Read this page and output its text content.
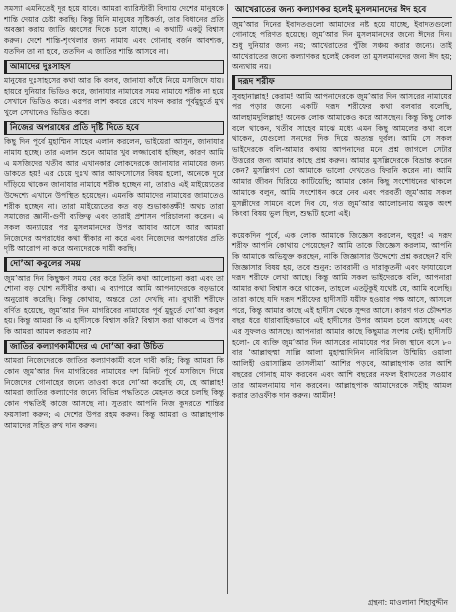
সমস্যা এমনিতেই দূর হয়ে যাবে। আমরা ব্যারিস্টারী বিদ্যায় দেশের মানুষকে শান্তি দেয়ার চেষ্টা করছি। কিন্তু যিনি মানুষের সৃষ্টিকর্তা, তার বিধানের প্রতি অবজ্ঞা করায় জাতি ধ্বংসের দিকে চলে যাচ্ছে। এ কথাটি একটু বিশ্বাস করুন। দেশে শান্তি-শৃংখলার জন্য নামায এবং গোনাহ বর্জন আবশ্যক, যতদিন তা না হবে, ততদিন এ জাতির শান্তি আসবে না।

আমাদের দুঃসাহস

মানুষের দুঃসাহসের কথা আর কি বলব, জানাযা কাঁধে নিয়ে মসজিদে যায়। হায়রে দুনিয়ার ভিডিও করে, জানাযার নামাযের সময় নামাযে শরীক না হয়ে সেখানে ভিডিও করে। এরপর লাশ কবরে রেখে দাফন করার পূর্বমুহূর্তে মুখ খুলে সেখানেও ভিডিও করে।

নিজের অপরাধের প্রতি দৃষ্টি দিতে হবে

কিছু দিন পূর্বে মুহাম্মিন সাহেব এলান করলেন, ভাইয়েরা আসুন, জানাযার নামায হচ্ছে। তার এলান শুনে আমার খুব লজ্জাবোধ হচ্ছিল, কারণ আমি এ মসজিদের খতীব আর এখানকার লোকদেরকে জানাযার নামাযের জন্য ডাকতে হয়! এর চেয়ে দুঃখ আর আফসোসের বিষয় হলো, অনেকে দূরে দাঁড়িয়ে থাকেন জানাযার নামাযে শরীক হচ্ছেন না, তারাও এই মাইয়্যেতের উদ্দেশ্যে এখানে উপস্থিত হয়েছেন। এমনকি আমাদের নামাযের জামাতেও শরীক হচ্ছেন না। তারা মাইয়্যেতের কত বড় শুভাকাঙ্ক্ষী! অথচ তারা সমাজের জ্ঞানী-গুণী ব্যক্তিত্ব এবং তারাই প্রশাসন পরিচালনা করেন। এ সকল অন্যায়ের পর মুসলমানদের উপর আযাব আসে আর আমরা নিজেদের অপরাধের কথা স্বীকার না করে এবং নিজেদের অপরাধের প্রতি দৃষ্টি আরোপ না করে অন্যদেরকে দায়ী করছি।

দো’আ কবুলের সময়

জুম’আর দিন কিছুক্ষণ সময় বের করে তিনি কথা আলোচনা করা এবং তা শোনা বড় খোশ নসীবীর কথা। এ ব্যাপারে আমি আপনাদেরকে বড়ভাবে অনুরোধ করেছি। কিন্তু কোথায়, অন্তরে তো দেখছি না। বুখারী শরীফে বর্ণিত হয়েছে, জুম’আর দিন মাগরিবের নামাযের পূর্ব মুহূর্তে দো’আ কবুল হয়। কিন্তু আমরা কি এ হাদীসকে বিশ্বাস করি? বিশ্বাস করা থাকলে এ উপর কি আমরা আমল করতাম না?

জাতির কল্যাণকামীদের এ দো’আ করা উচিত

আমরা নিজেদেরকে জাতির কল্যাণকামী বলে দাবী করি; কিন্তু আমরা কি কোন জুম’আর দিন মাগরিবের নামাযের দশ মিনিট পূর্বে মসজিদে গিয়ে নিজেদের গোনাহের জন্যে তাওবা করে দো’আ করেছি যে, হে আল্লাহ! আমরা জাতির কল্যাণের জন্যে বিভিন্ন পদ্ধতিতে মেহনত করে চলছি কিন্তু কোন পদ্ধতিই কাজে আসছে না। সুতরাং আপনি নিজ কুদরতে শান্তির ফয়সালা করুন; এ দেশের উপর রহম করুন। কিন্তু আমরা ও আল্লাহপাক আমাদের সহিত রুখ দান করুন।

আখেরাতের জন্য কল্যাণকর হলেই মুসলমানদের ঈদ হবে

জুম’আর দিনের ইবাদতগুলো আমাদের নষ্ট হয়ে যাচ্ছে, ইবাদতগুলো গোনাহে পরিণত হয়েছে। জুম’আর দিন মুসলমানদের জন্যে ঈদের দিন। শুধু দুনিয়ার জন্য নয়; আখেরাতের পুঁজি সঞ্চয় করার জন্যে। তাই আখেরাতের জন্যে কল্যাণকর হলেই কেবল তা মুসলমানদের জন্য ঈদ হয়; অন্যথায় নয়।

দরূদ শরীফ

সুবহানাল্লাহ! কেরাম! আমি আপনাদেরকে জুম’আর দিন আসরের নামাযের পর পড়ার জন্যে একটি দরূদ শরীফের কথা বলবার বলেছি, আলহামদুলিল্লাহ! অনেক লোক আমাকেও করে আসছেন। কিন্তু কিছু লোক বলে থাকেন, খতীব সাহেব মাঝে মধ্যে এমন কিছু আমলের কথা বলে থাকেন, যেগুলো সনদের দিক দিয়ে অত্যন্ত দুর্বল। আমি সে সকল ভাইদেরকে বলি-আমার কথায় আপনাদের মনে প্রশ্ন জাগলে সেটার উত্তরের জন্য আমার কাছে প্রশ্ন করুন। আমার মুসল্লিদেরকে বিভ্রান্ত করেন কেন? মুসল্লিগণ তো আমাকে ভালো দেখতেও ফিরনি করেন না। আমি আমার জীবন ঘিরিয়ে কাটিয়েছি; আমার কোন কিছু সংশোধনের থাকলে আমাকে বলুন, আমি সংশোধন করে নেব এবং পরবর্তী জুম’আয় সকল মুসল্লীদের সামনে বলে দিব যে, গত জুম’আর আলোচনায় অমুক অংশ কিংবা বিষয় ভুল ছিল, শুদ্ধটি হলো এই।

কয়েকদিন পূর্বে, এক লোক আমাকে জিজ্ঞেস করলেন, হুযুর! এ দরূদ শরীফ আপনি কোথায় পেয়েছেন? আমি তাকে জিজ্ঞেস করলাম, আপনি কি আমাকে অভিযুক্ত করছেন, নাকি জিজ্ঞাসার উদ্দেশ্যে প্রশ্ন করছেন? যদি জিজ্ঞাসার বিষয় হয়, তবে শুনুন: তাবরানী ও দারাকুতনী এবং ফাযায়েলে দরূদ শরীফে লেখা আছে। কিন্তু আমি সকল ভাইদেরকে বলি, আপনারা আমার কথা বিশ্বাস করে থাকেন, তাহলে এতটুকুই যথেষ্ট যে, আমি বলেছি। তারা কাছে যদি দরূদ শরীফের হাদীসটি যয়ীফ হওয়ার পক্ষ আসে, আসলে পরে, কিন্তু আমার কাছে এই হাদীস থেকে সুন্দর আসে। কারণ গত চৌদ্দশত বছর ধরে ধারাবাহিকভাবে এই হাদীসের উপর আমল চলে আসছে এবং এর সুফলও আসছে। আপনারা আমার কাছে কিছুমাত্র সংশয় নেই। হাদীসটি হলো- যে ব্যক্তি জুম’আর দিন আসরের নামাযের পর নিজ স্থানে বসে ৮০ বার ‘আল্লাহুম্মা সাল্লি আলা মুহাম্মাদিনিন নাবিয়্যিল উম্মিয়্যি ওয়ালা আলিহী ওয়াসাল্লিম তাসলীমা’ আশির পড়বে, আল্লাহপাক তার আশি বছরের গোনাহ মাফ করবেন এবং আশি বছরের নফল ইবাদতের সওয়াব তার আমলনামায় দান করবেন। আল্লাহপাক আমাদেরকে সহীহ আমল করার তাওফীক দান করুন। আমীন!

গ্রন্থনা: মাওলানা শিহাবুদ্দীন
